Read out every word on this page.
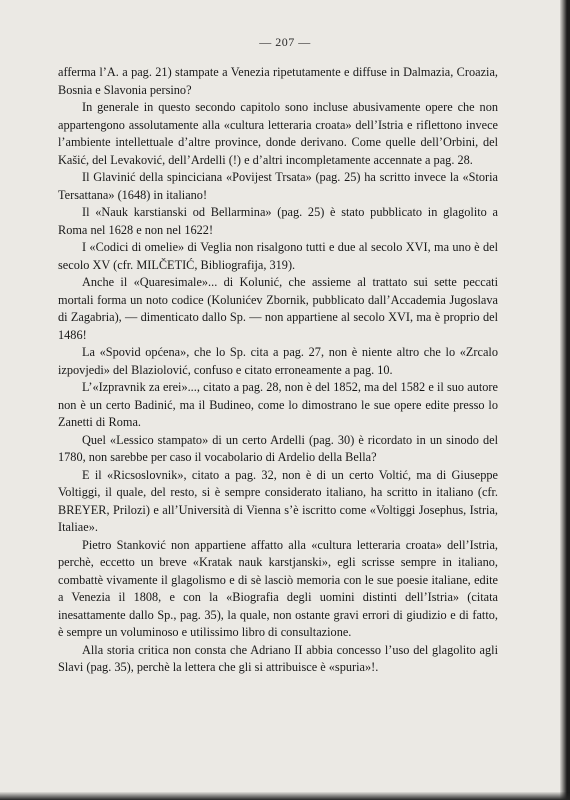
— 207 —

afferma l’A. a pag. 21) stampate a Venezia ripetutamente e diffuse in Dalmazia, Croazia, Bosnia e Slavonia persino?

In generale in questo secondo capitolo sono incluse abusivamente opere che non appartengono assolutamente alla «cultura letteraria croata» dell’Istria e riflettono invece l’ambiente intellettuale d’altre province, donde derivano. Come quelle dell’Orbini, del Kašić, del Levaković, dell’Ardelli (!) e d’altri incompletamente accennate a pag. 28.

Il Glavinić della spinciciana «Povijest Trsata» (pag. 25) ha scritto invece la «Storia Tersattana» (1648) in italiano!

Il «Nauk karstianski od Bellarmina» (pag. 25) è stato pubblicato in glagolito a Roma nel 1628 e non nel 1622!

I «Codici di omelie» di Veglia non risalgono tutti e due al secolo XVI, ma uno è del secolo XV (cfr. MILČETIĆ, Bibliografija, 319).

Anche il «Quaresimale»... di Kolunić, che assieme al trattato sui sette peccati mortali forma un noto codice (Kolunićev Zbornik, pubblicato dall’Accademia Jugoslava di Zagabria), — dimenticato dallo Sp. — non appartiene al secolo XVI, ma è proprio del 1486!

La «Spovid općena», che lo Sp. cita a pag. 27, non è niente altro che lo «Zrcalo izpovjedi» del Blaziolović, confuso e citato erroneamente a pag. 10.

L’«Izpravnik za erei»..., citato a pag. 28, non è del 1852, ma del 1582 e il suo autore non è un certo Badinić, ma il Budineo, come lo dimostrano le sue opere edite presso lo Zanetti di Roma.

Quel «Lessico stampato» di un certo Ardelli (pag. 30) è ricordato in un sinodo del 1780, non sarebbe per caso il vocabolario di Ardelio della Bella?

E il «Ricsoslovnik», citato a pag. 32, non è di un certo Voltić, ma di Giuseppe Voltiggi, il quale, del resto, si è sempre considerato italiano, ha scritto in italiano (cfr. BREYER, Prilozi) e all’Università di Vienna s’è iscritto come «Voltiggi Josephus, Istria, Italiae».

Pietro Stanković non appartiene affatto alla «cultura letteraria croata» dell’Istria, perchè, eccetto un breve «Kratak nauk karstjanski», egli scrisse sempre in italiano, combattè vivamente il glagolismo e di sè lasciò memoria con le sue poesie italiane, edite a Venezia il 1808, e con la «Biografia degli uomini distinti dell’Istria» (citata inesattamente dallo Sp., pag. 35), la quale, non ostante gravi errori di giudizio e di fatto, è sempre un voluminoso e utilissimo libro di consultazione.

Alla storia critica non consta che Adriano II abbia concesso l’uso del glagolito agli Slavi (pag. 35), perchè la lettera che gli si attribuisce è «spuria»!.
